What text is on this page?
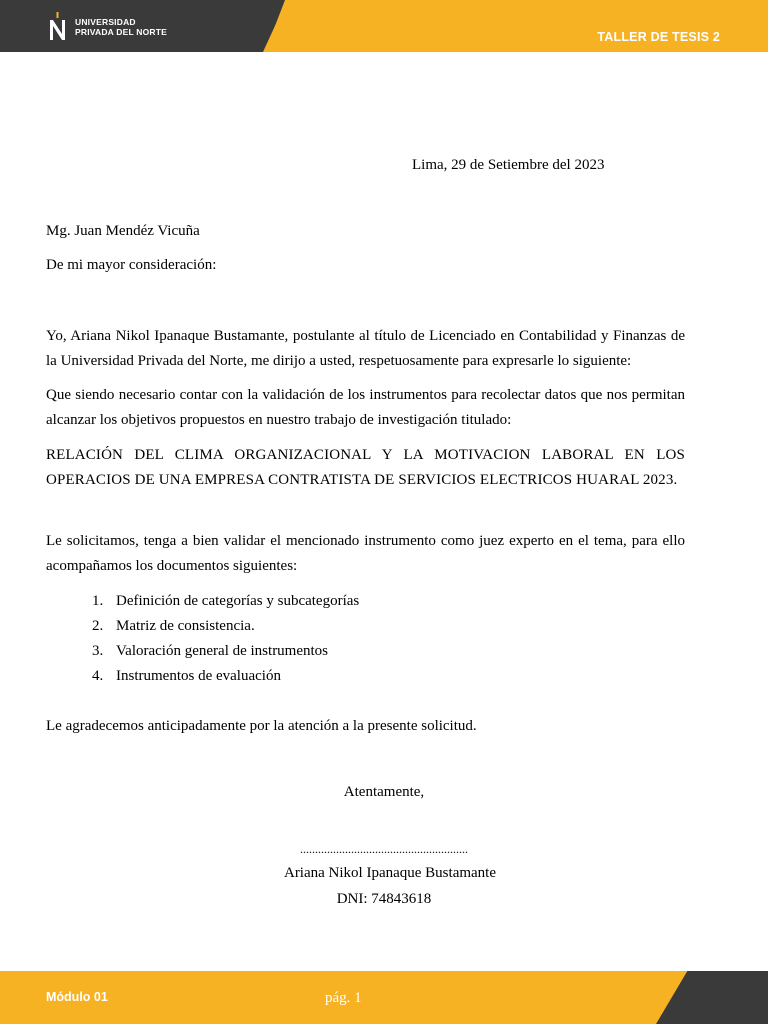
UNIVERSIDAD
PRIVADA DEL NORTE	TALLER DE TESIS 2
Lima, 29 de Setiembre del 2023
Mg. Juan Mendéz Vicuña
De mi mayor consideración:
Yo, Ariana Nikol Ipanaque Bustamante, postulante al título de Licenciado en Contabilidad y Finanzas de la Universidad Privada del Norte, me dirijo a usted, respetuosamente para expresarle lo siguiente:
Que siendo necesario contar con la validación de los instrumentos para recolectar datos que nos permitan alcanzar los objetivos propuestos en nuestro trabajo de investigación titulado:
RELACIÓN DEL CLIMA ORGANIZACIONAL Y LA MOTIVACION LABORAL EN LOS OPERACIOS DE UNA EMPRESA CONTRATISTA DE SERVICIOS ELECTRICOS HUARAL 2023.
Le solicitamos, tenga a bien validar el mencionado instrumento como juez experto en el tema, para ello acompañamos los documentos siguientes:
1. Definición de categorías y subcategorías
2. Matriz de consistencia.
3. Valoración general de instrumentos
4. Instrumentos de evaluación
Le agradecemos anticipadamente por la atención a la presente solicitud.
Atentamente,
........................................................
Ariana Nikol Ipanaque Bustamante
DNI: 74843618
Módulo 01	pág. 1
